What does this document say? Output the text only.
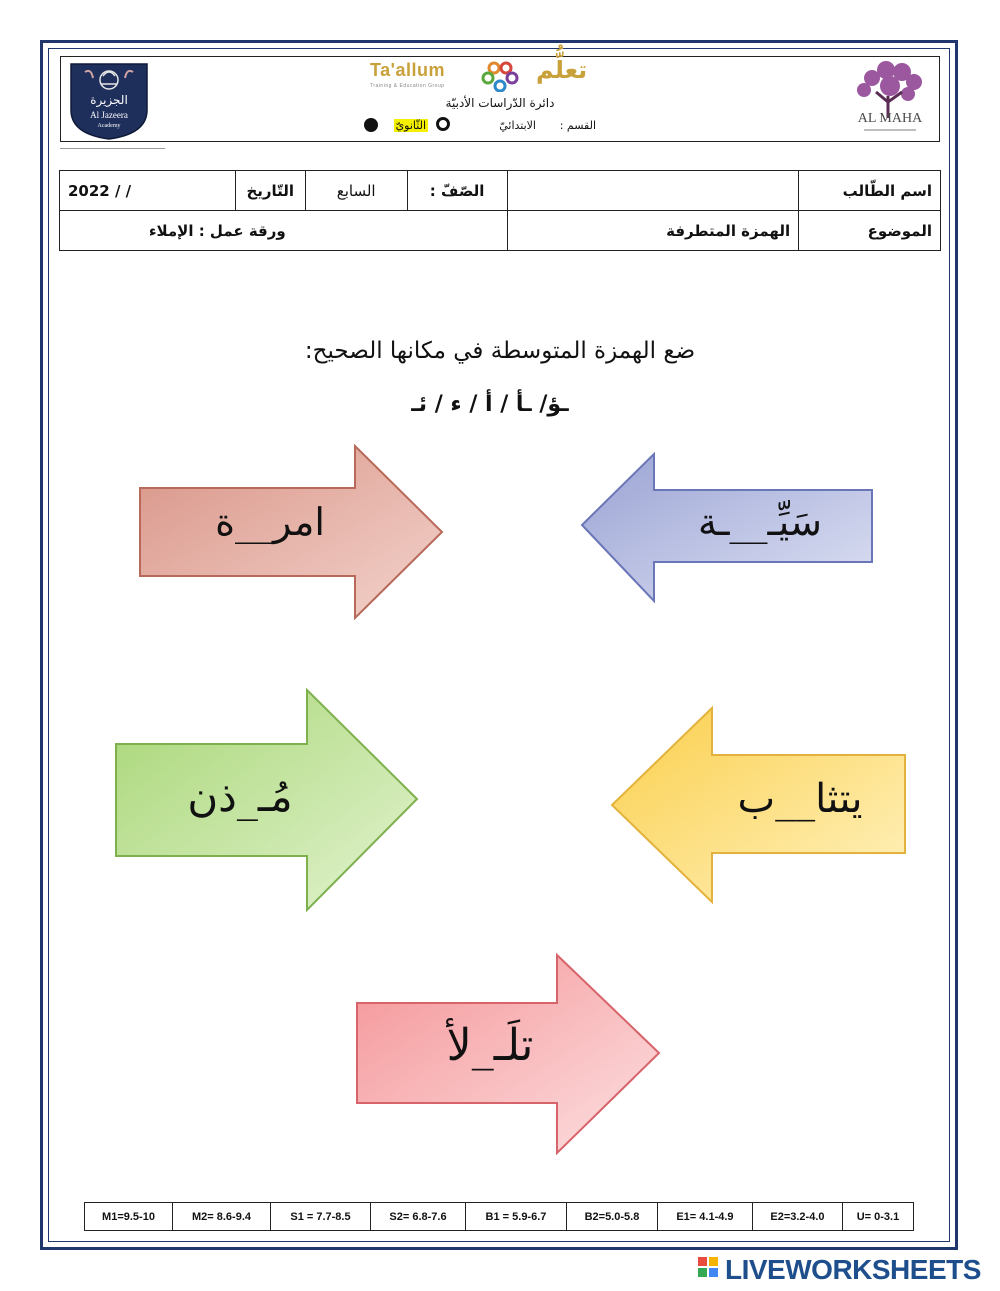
الجزيرة
Al Jazeera
Academy
Ta'allum	تعلُّم
Training & Education Group
دائرة الدّراسات الأدبيّة
القسم :
الابتدائيّ
الثّانويّ	AL MAHA
اسم الطّالب		الصّفّ :	السابع	التّاريخ	2022 / /
الموضوع	الهمزة المتطرفة	ورقة عمل : الإملاء			
ضع الهمزة المتوسطة في مكانها الصحيح:
ـؤ/ ـأ / أ / ء / ئـ
امر__ة	سَيِّـ__ـة
مُـ_ذن	يتثا__ب
تلَـ_لأ
M1=9.5-10	M2= 8.6-9.4	S1 = 7.7-8.5	S2= 6.8-7.6	B1 = 5.9-6.7	B2=5.0-5.8	E1= 4.1-4.9	E2=3.2-4.0	U= 0-3.1
LIVEWORKSHEETS
